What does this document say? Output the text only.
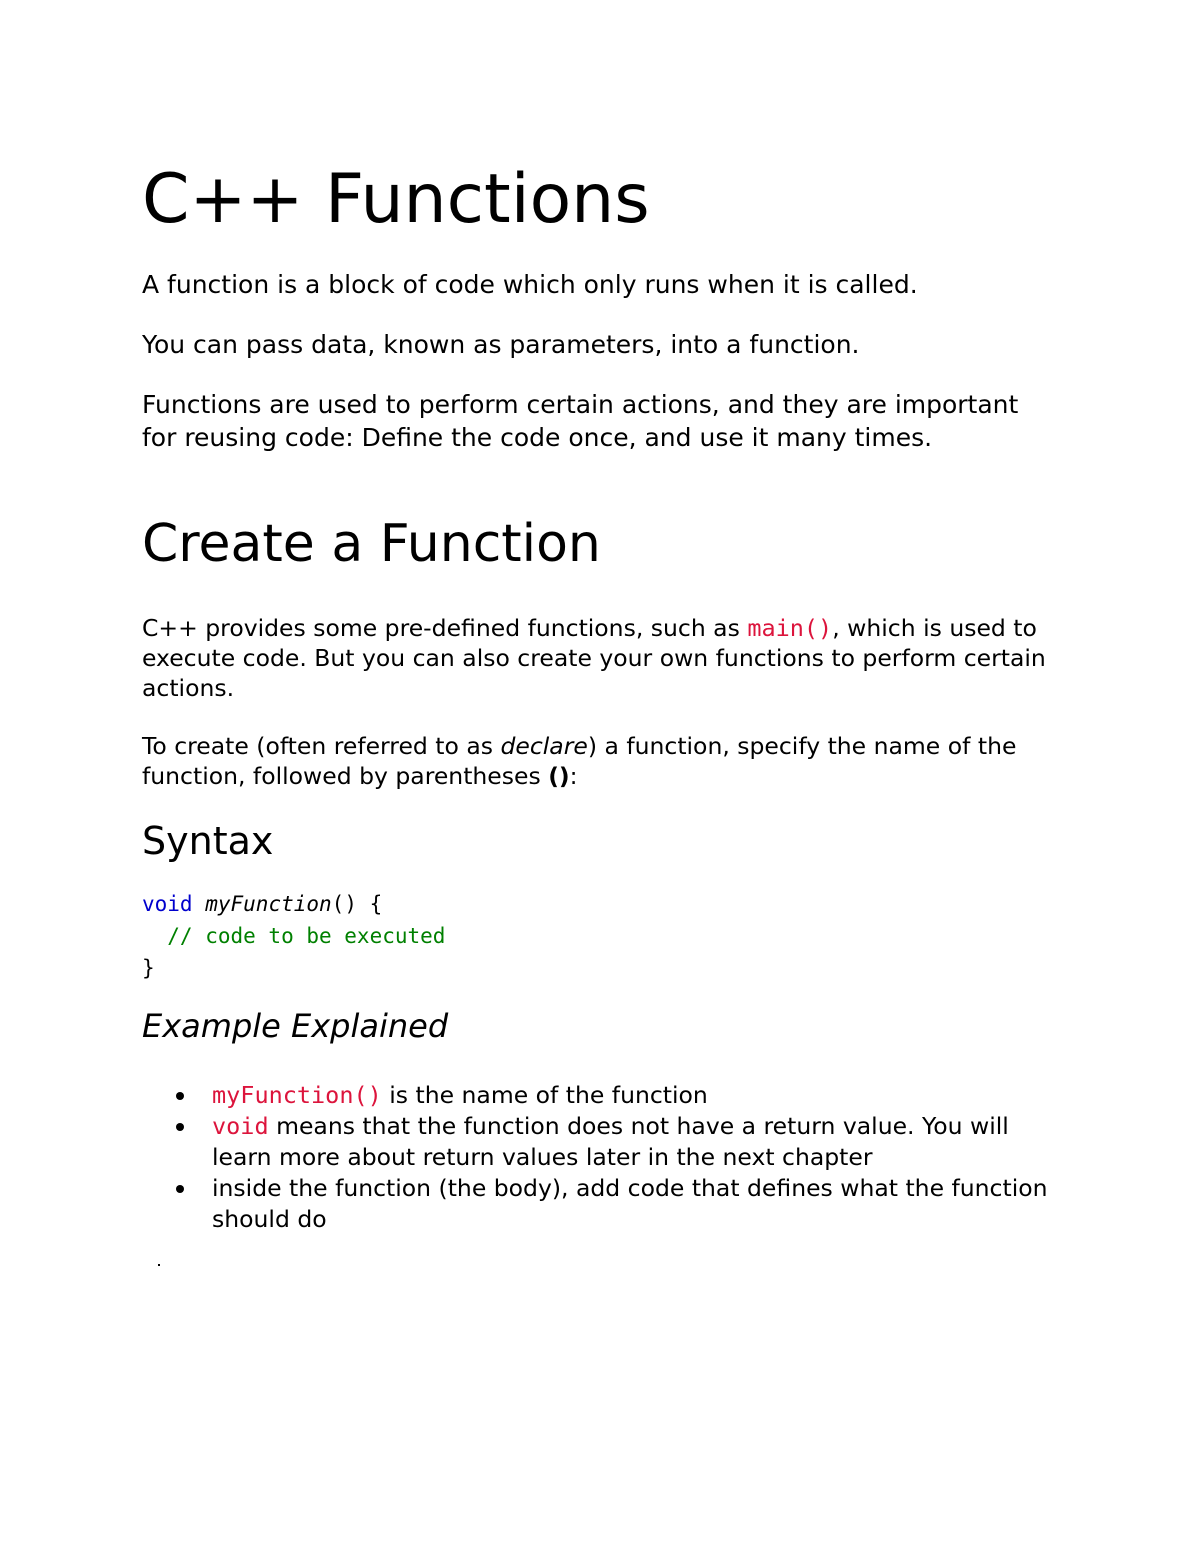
C++ Functions

A function is a block of code which only runs when it is called.

You can pass data, known as parameters, into a function.

Functions are used to perform certain actions, and they are important for reusing code: Define the code once, and use it many times.

Create a Function

C++ provides some pre-defined functions, such as main(), which is used to execute code. But you can also create your own functions to perform certain actions.

To create (often referred to as declare) a function, specify the name of the function, followed by parentheses ():

Syntax
void myFunction() {
// code to be executed
}
Example Explained
myFunction() is the name of the function
void means that the function does not have a return value. You will learn more about return values later in the next chapter
inside the function (the body), add code that defines what the function should do
